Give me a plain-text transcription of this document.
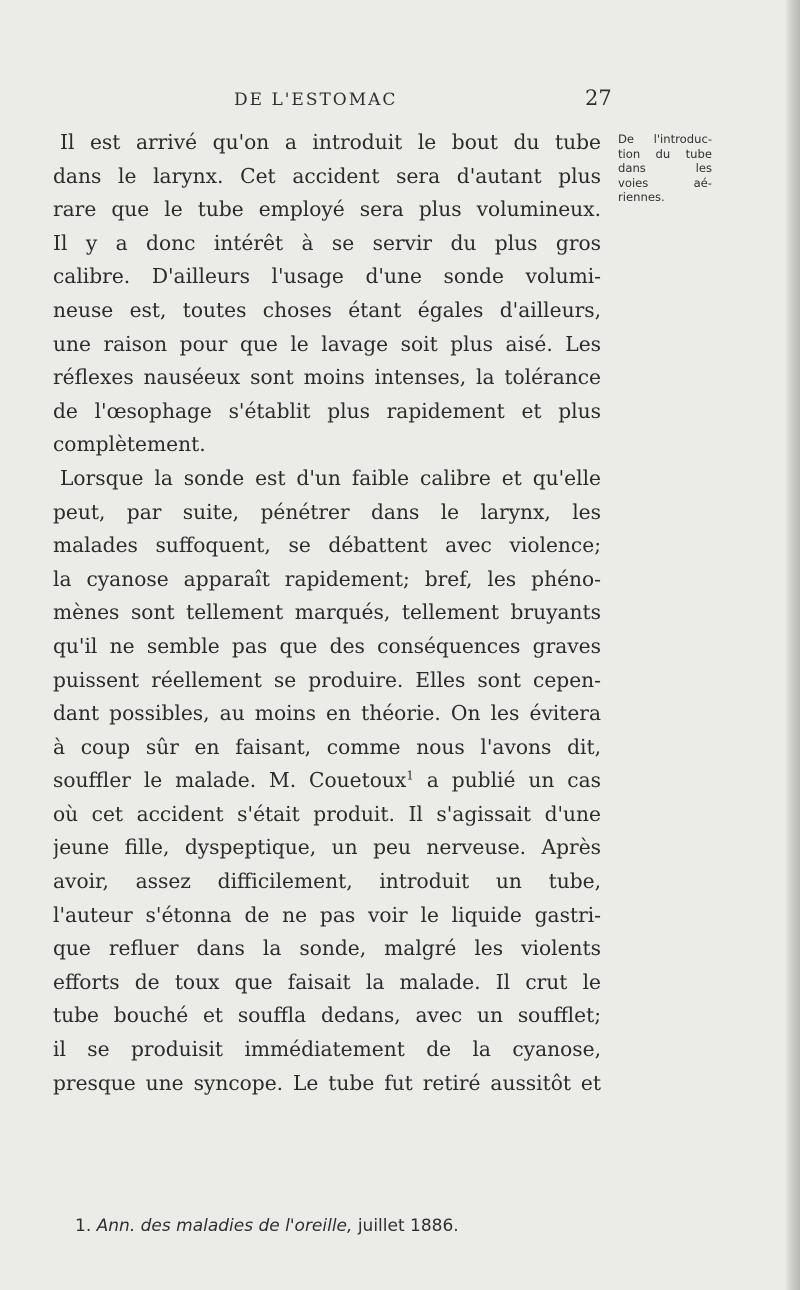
DE L'ESTOMAC	27
De l'introduc-
tion du tube
dans les
voies aé-
riennes.
Il est arrivé qu'on a introduit le bout du tube
dans le larynx. Cet accident sera d'autant plus
rare que le tube employé sera plus volumineux.
Il y a donc intérêt à se servir du plus gros
calibre. D'ailleurs l'usage d'une sonde volumi-
neuse est, toutes choses étant égales d'ailleurs,
une raison pour que le lavage soit plus aisé. Les
réflexes nauséeux sont moins intenses, la tolérance
de l'œsophage s'établit plus rapidement et plus
complètement.
Lorsque la sonde est d'un faible calibre et qu'elle
peut, par suite, pénétrer dans le larynx, les
malades suffoquent, se débattent avec violence;
la cyanose apparaît rapidement; bref, les phéno-
mènes sont tellement marqués, tellement bruyants
qu'il ne semble pas que des conséquences graves
puissent réellement se produire. Elles sont cepen-
dant possibles, au moins en théorie. On les évitera
à coup sûr en faisant, comme nous l'avons dit,
souffler le malade. M. Couetoux$^1$ a publié un cas
où cet accident s'était produit. Il s'agissait d'une
jeune fille, dyspeptique, un peu nerveuse. Après
avoir, assez difficilement, introduit un tube,
l'auteur s'étonna de ne pas voir le liquide gastri-
que refluer dans la sonde, malgré les violents
efforts de toux que faisait la malade. Il crut le
tube bouché et souffla dedans, avec un soufflet;
il se produisit immédiatement de la cyanose,
presque une syncope. Le tube fut retiré aussitôt et
1. Ann. des maladies de l'oreille, juillet 1886.
